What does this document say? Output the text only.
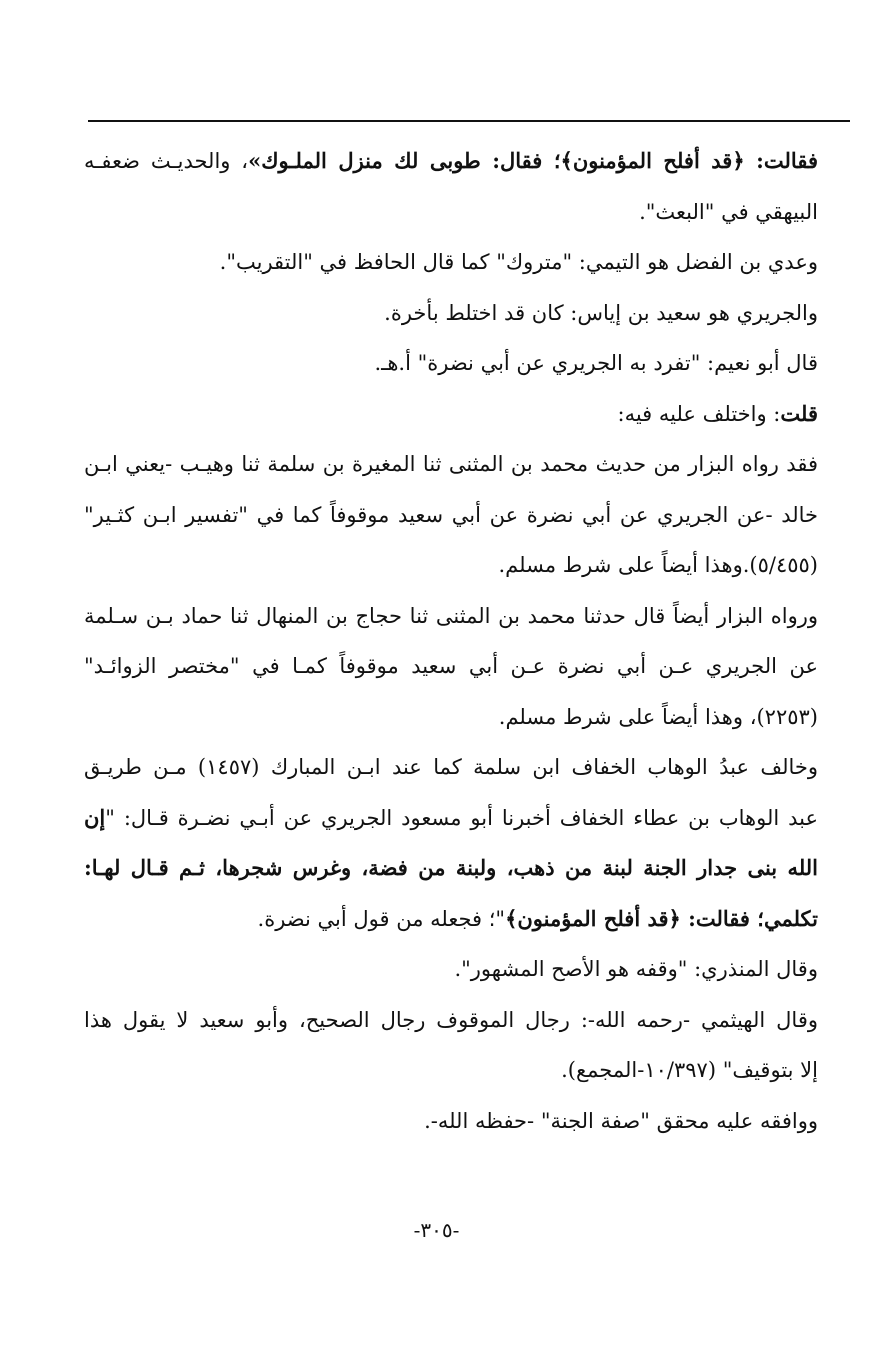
فقالت: ﴿قد أفلح المؤمنون﴾؛ فقال: طوبى لك منزل الملـوك»، والحديـث ضعفـه
البيهقي في "البعث".
وعدي بن الفضل هو التيمي: "متروك" كما قال الحافظ في "التقريب".
والجريري هو سعيد بن إياس: كان قد اختلط بأخرة.
قال أبو نعيم: "تفرد به الجريري عن أبي نضرة" أ.هـ.
قلت: واختلف عليه فيه:
فقد رواه البزار من حديث محمد بن المثنى ثنا المغيرة بن سلمة ثنا وهيـب -يعني ابـن
خالد -عن الجريري عن أبي نضرة عن أبي سعيد موقوفاً كما في "تفسير ابـن كثـير"
(٥/٤٥٥).وهذا أيضاً على شرط مسلم.
ورواه البزار أيضاً قال حدثنا محمد بن المثنى ثنا حجاج بن المنهال ثنا حماد بـن سـلمة
عن الجريري عـن أبي نضرة عـن أبي سعيد موقوفاً كمـا في "مختصر الزوائـد"
(٢٢٥٣)، وهذا أيضاً على شرط مسلم.
وخالف عبدُ الوهاب الخفاف ابن سلمة كما عند ابـن المبارك (١٤٥٧) مـن طريـق
عبد الوهاب بن عطاء الخفاف أخبرنا أبو مسعود الجريري عن أبـي نضـرة قـال: "إن
الله بنى جدار الجنة لبنة من ذهب، ولبنة من فضة، وغرس شجرها، ثـم قـال لهـا:
تكلمي؛ فقالت: ﴿قد أفلح المؤمنون﴾"؛ فجعله من قول أبي نضرة.
وقال المنذري: "وقفه هو الأصح المشهور".
وقال الهيثمي -رحمه الله-: رجال الموقوف رجال الصحيح، وأبو سعيد لا يقول هذا
إلا بتوقيف" (١٠/٣٩٧-المجمع).
ووافقه عليه محقق "صفة الجنة" -حفظه الله-.
-٣٠٥-
